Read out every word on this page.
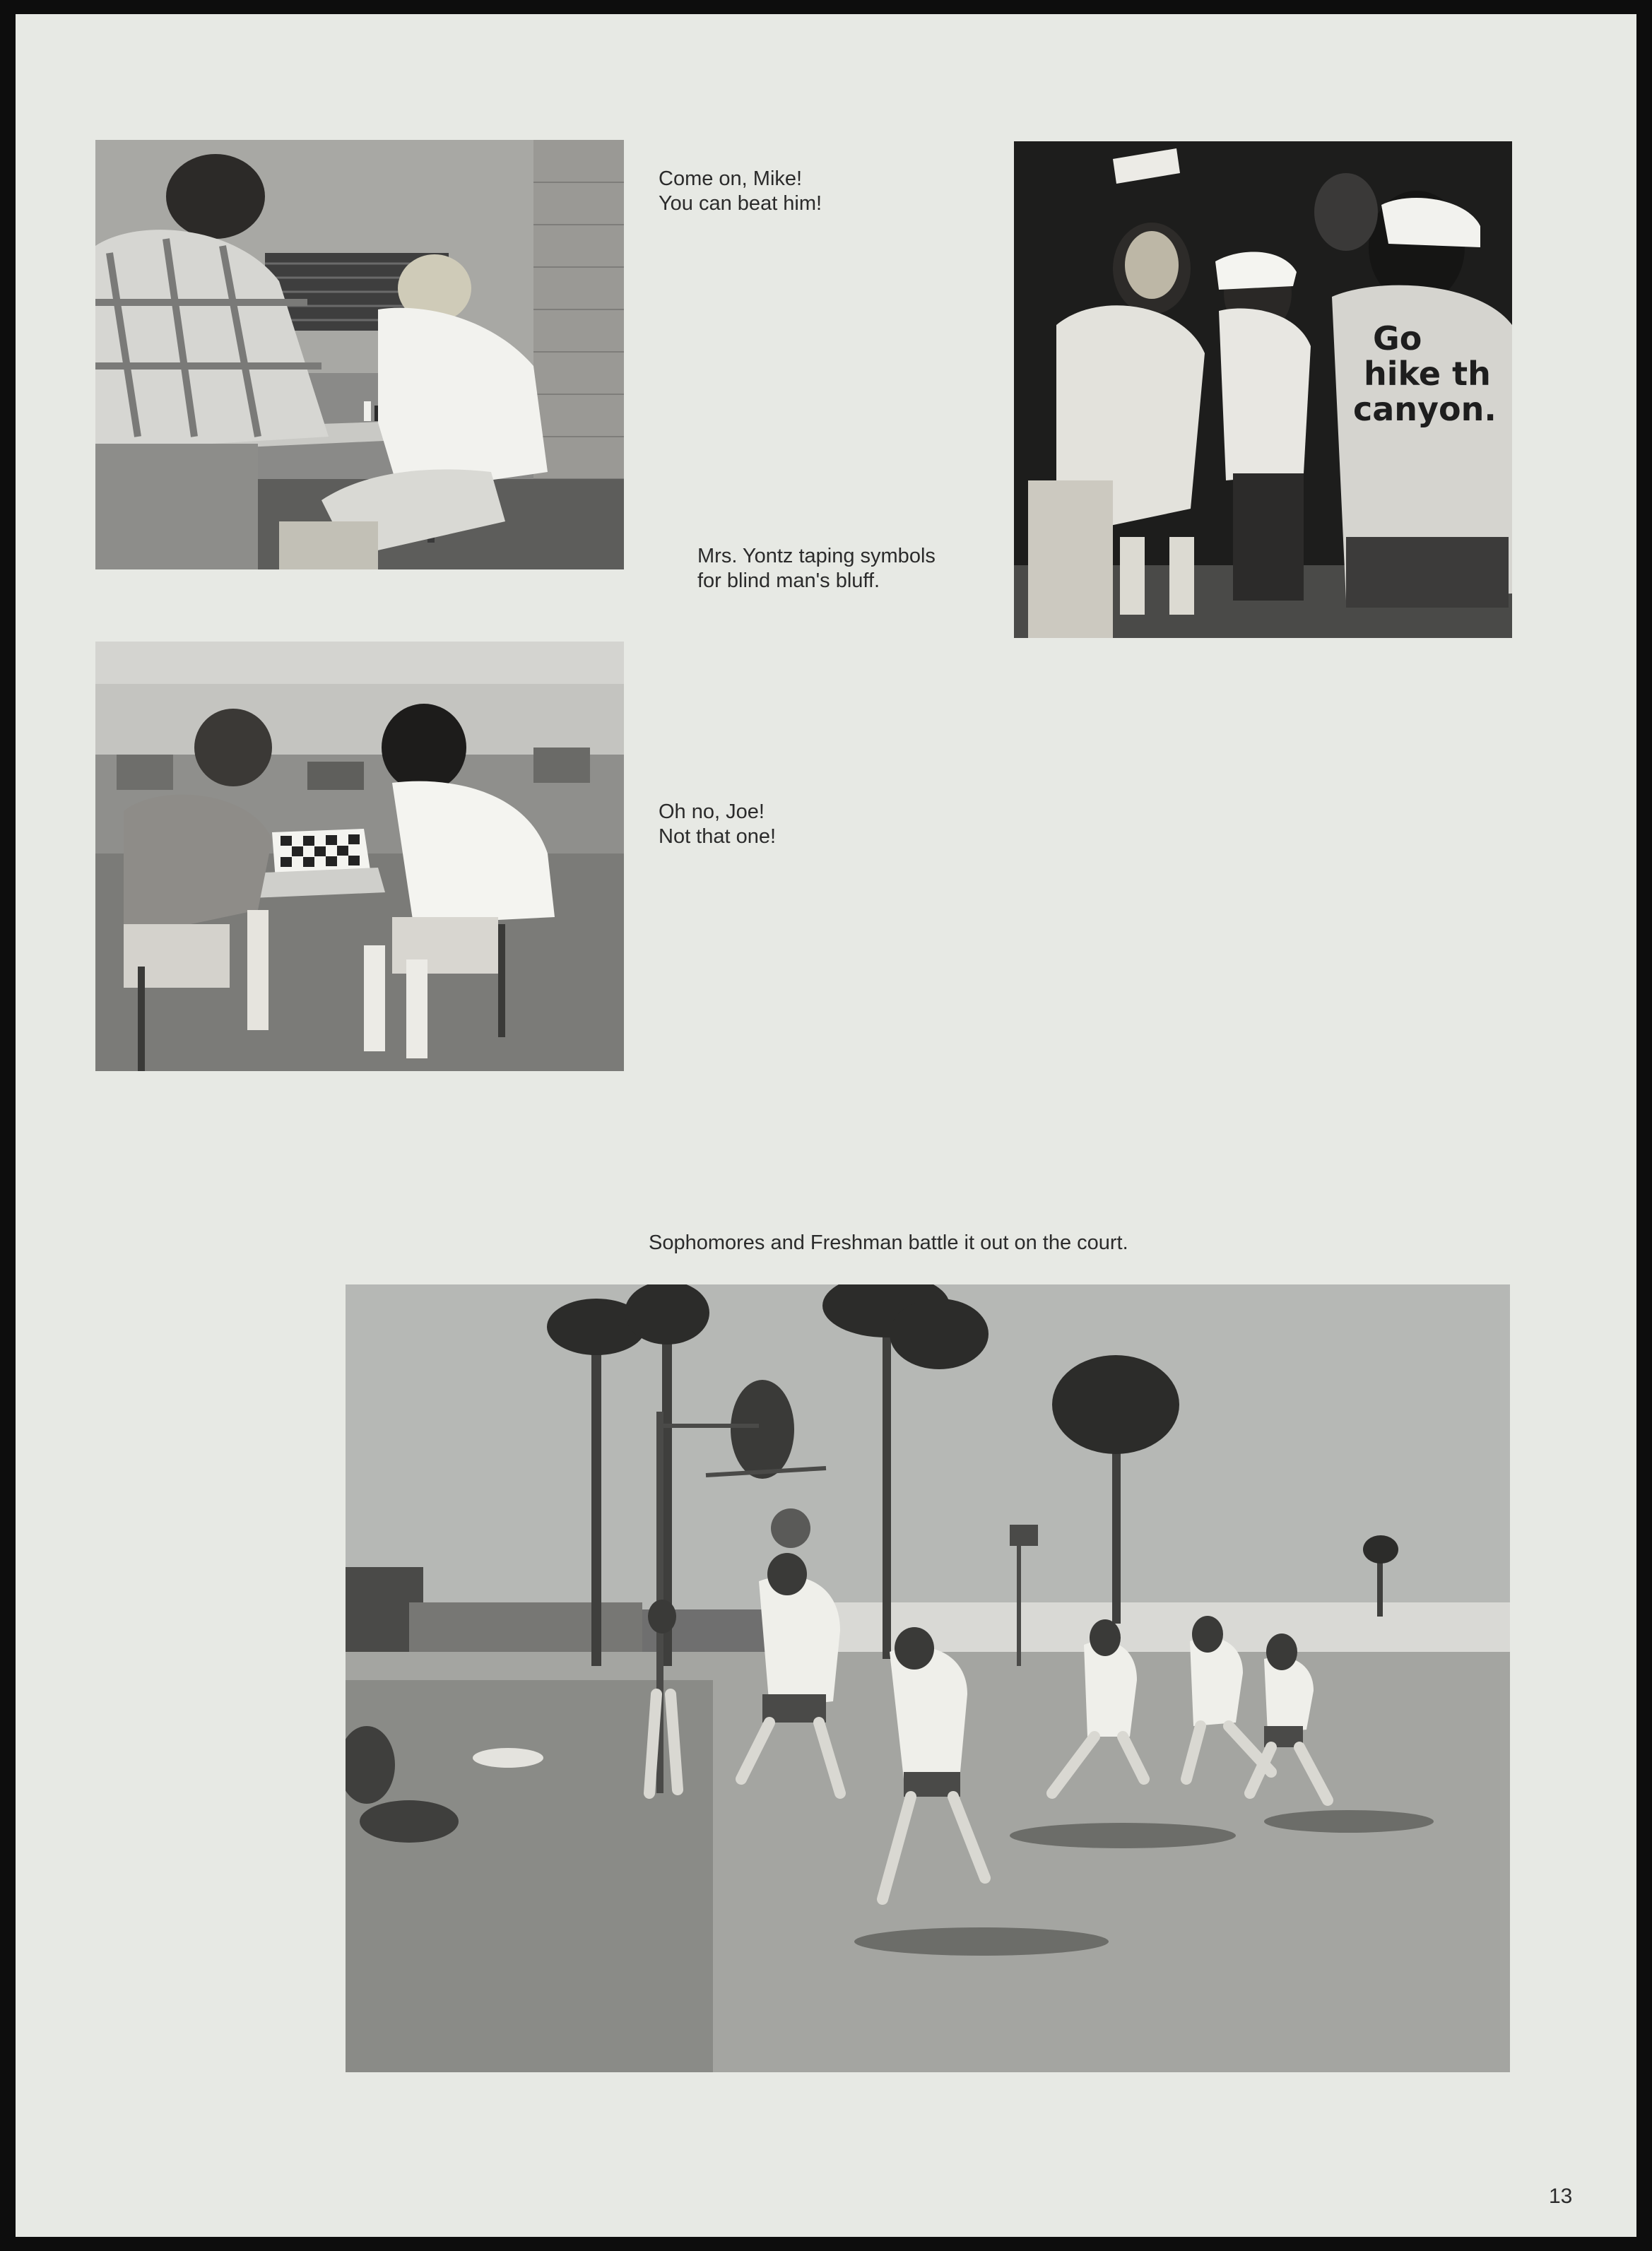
Come on, Mike!
You can beat him!
Go
hike th
canyon.
Mrs. Yontz taping symbols
for blind man's bluff.
Oh no, Joe!
Not that one!
Sophomores and Freshman battle it out on the court.
13
